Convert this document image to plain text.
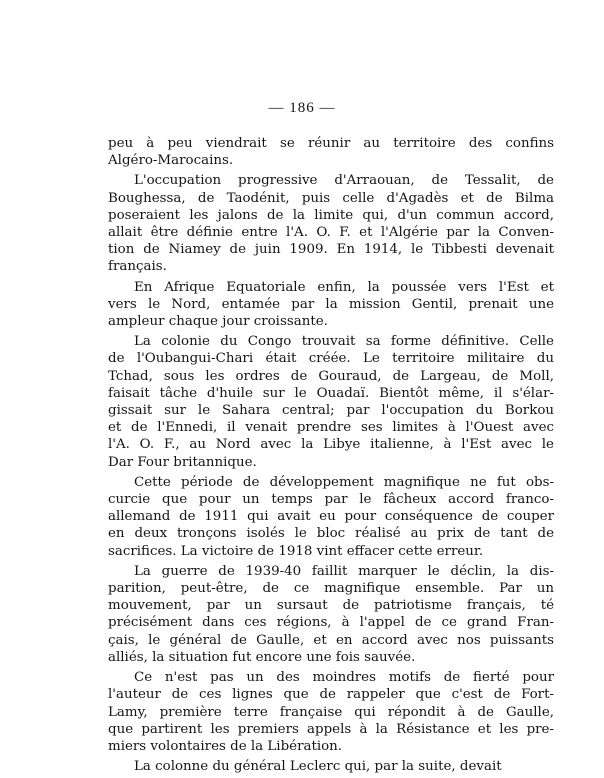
— 186 —
peu à peu viendrait se réunir au territoire des confins
Algéro-Marocains.
L'occupation progressive d'Arraouan, de Tessalit, de
Boughessa, de Taodénit, puis celle d'Agadès et de Bilma
poseraient les jalons de la limite qui, d'un commun accord,
allait être définie entre l'A. O. F. et l'Algérie par la Conven-
tion de Niamey de juin 1909. En 1914, le Tibbesti devenait
français.
En Afrique Equatoriale enfin, la poussée vers l'Est et
vers le Nord, entamée par la mission Gentil, prenait une
ampleur chaque jour croissante.
La colonie du Congo trouvait sa forme définitive. Celle
de l'Oubangui-Chari était créée. Le territoire militaire du
Tchad, sous les ordres de Gouraud, de Largeau, de Moll,
faisait tâche d'huile sur le Ouadaï. Bientôt même, il s'élar-
gissait sur le Sahara central; par l'occupation du Borkou
et de l'Ennedi, il venait prendre ses limites à l'Ouest avec
l'A. O. F., au Nord avec la Libye italienne, à l'Est avec le
Dar Four britannique.
Cette période de développement magnifique ne fut obs-
curcie que pour un temps par le fâcheux accord franco-
allemand de 1911 qui avait eu pour conséquence de couper
en deux tronçons isolés le bloc réalisé au prix de tant de
sacrifices. La victoire de 1918 vint effacer cette erreur.
La guerre de 1939-40 faillit marquer le déclin, la dis-
parition, peut-être, de ce magnifique ensemble. Par un
mouvement, par un sursaut de patriotisme français, té
précisément dans ces régions, à l'appel de ce grand Fran-
çais, le général de Gaulle, et en accord avec nos puissants
alliés, la situation fut encore une fois sauvée.
Ce n'est pas un des moindres motifs de fierté pour
l'auteur de ces lignes que de rappeler que c'est de Fort-
Lamy, première terre française qui répondit à de Gaulle,
que partirent les premiers appels à la Résistance et les pre-
miers volontaires de la Libération.
La colonne du général Leclerc qui, par la suite, devait
